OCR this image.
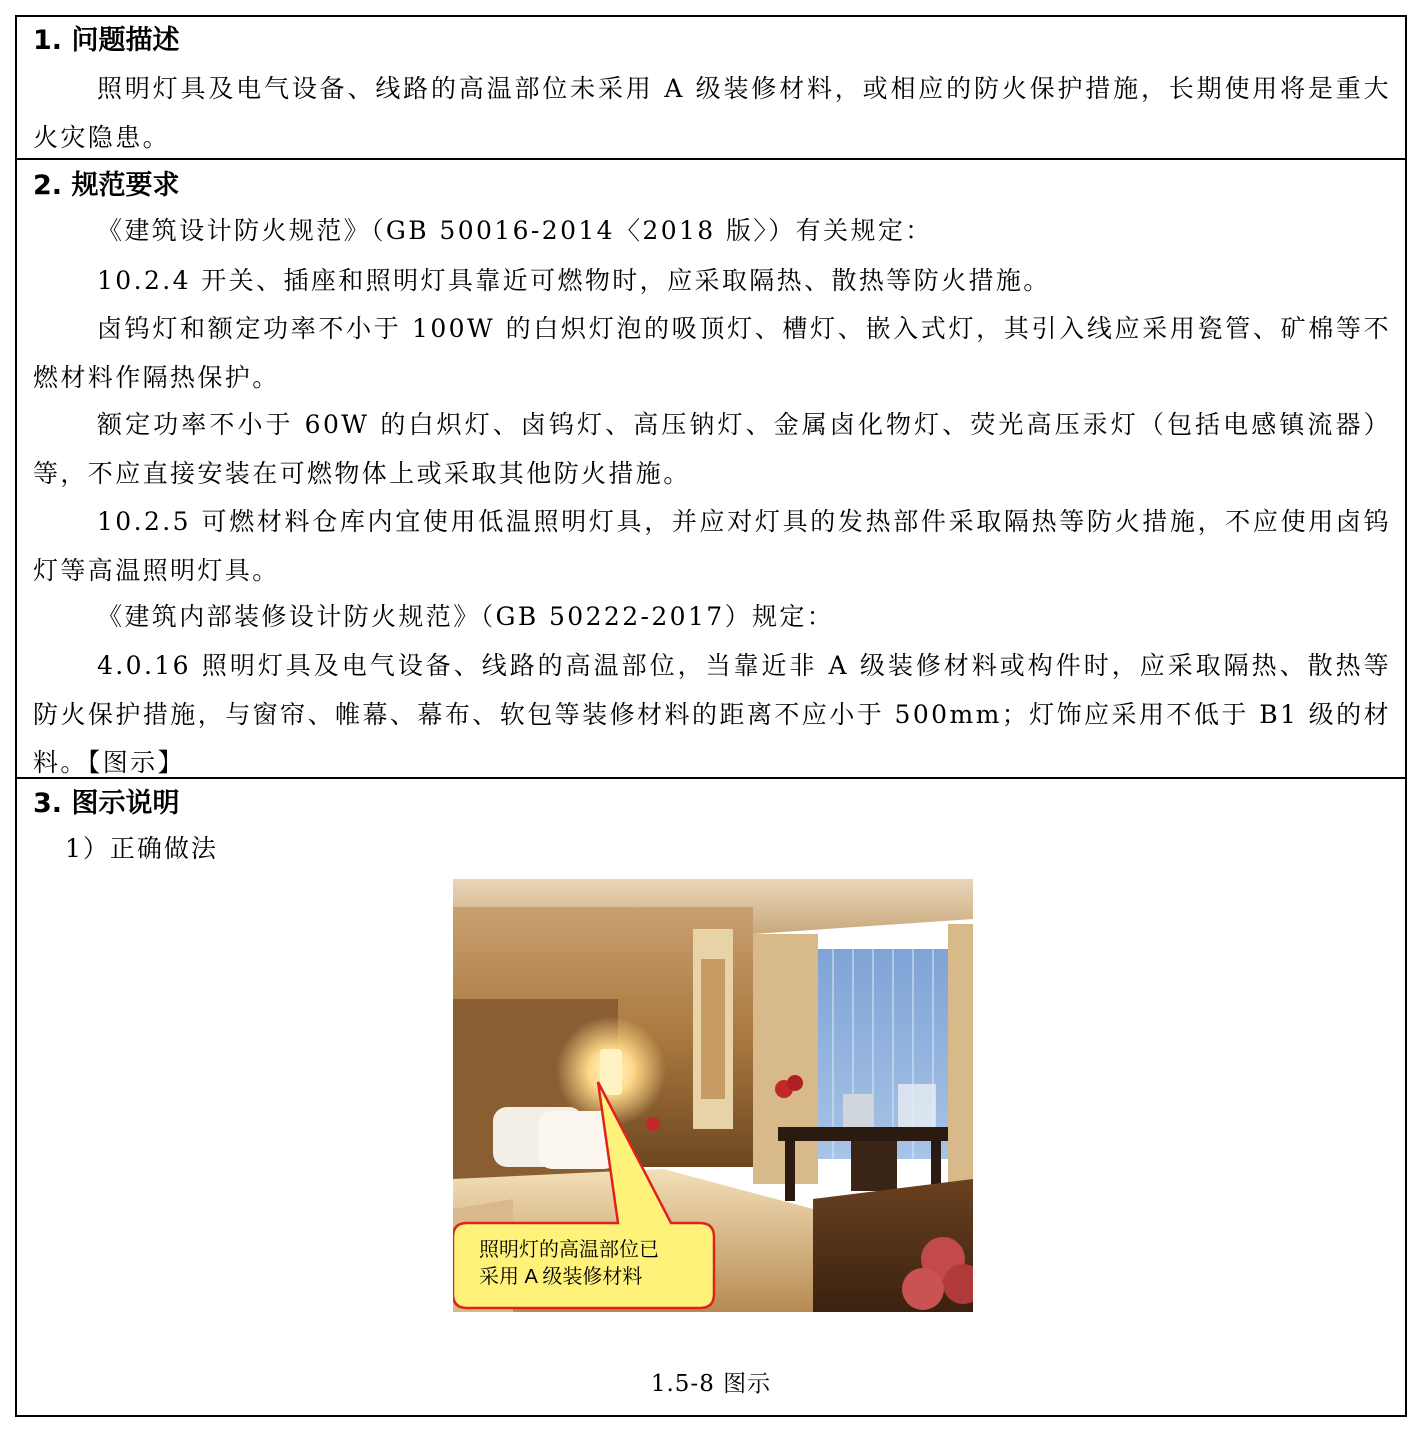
1. 问题描述

照明灯具及电气设备、线路的高温部位未采用 A 级装修材料，或相应的防火保护措施，长期使用将是重大火灾隐患。

2. 规范要求

《建筑设计防火规范》（GB 50016-2014〈2018 版〉）有关规定：

10.2.4 开关、插座和照明灯具靠近可燃物时，应采取隔热、散热等防火措施。

卤钨灯和额定功率不小于 100W 的白炽灯泡的吸顶灯、槽灯、嵌入式灯，其引入线应采用瓷管、矿棉等不燃材料作隔热保护。

额定功率不小于 60W 的白炽灯、卤钨灯、高压钠灯、金属卤化物灯、荧光高压汞灯（包括电感镇流器）等，不应直接安装在可燃物体上或采取其他防火措施。

10.2.5 可燃材料仓库内宜使用低温照明灯具，并应对灯具的发热部件采取隔热等防火措施，不应使用卤钨灯等高温照明灯具。

《建筑内部装修设计防火规范》（GB 50222-2017）规定：

4.0.16 照明灯具及电气设备、线路的高温部位，当靠近非 A 级装修材料或构件时，应采取隔热、散热等防火保护措施，与窗帘、帷幕、幕布、软包等装修材料的距离不应小于 500mm；灯饰应采用不低于 B1 级的材料。【图示】

3. 图示说明
1）正确做法
照明灯的高温部位已
采用 A 级装修材料
1.5-8 图示
